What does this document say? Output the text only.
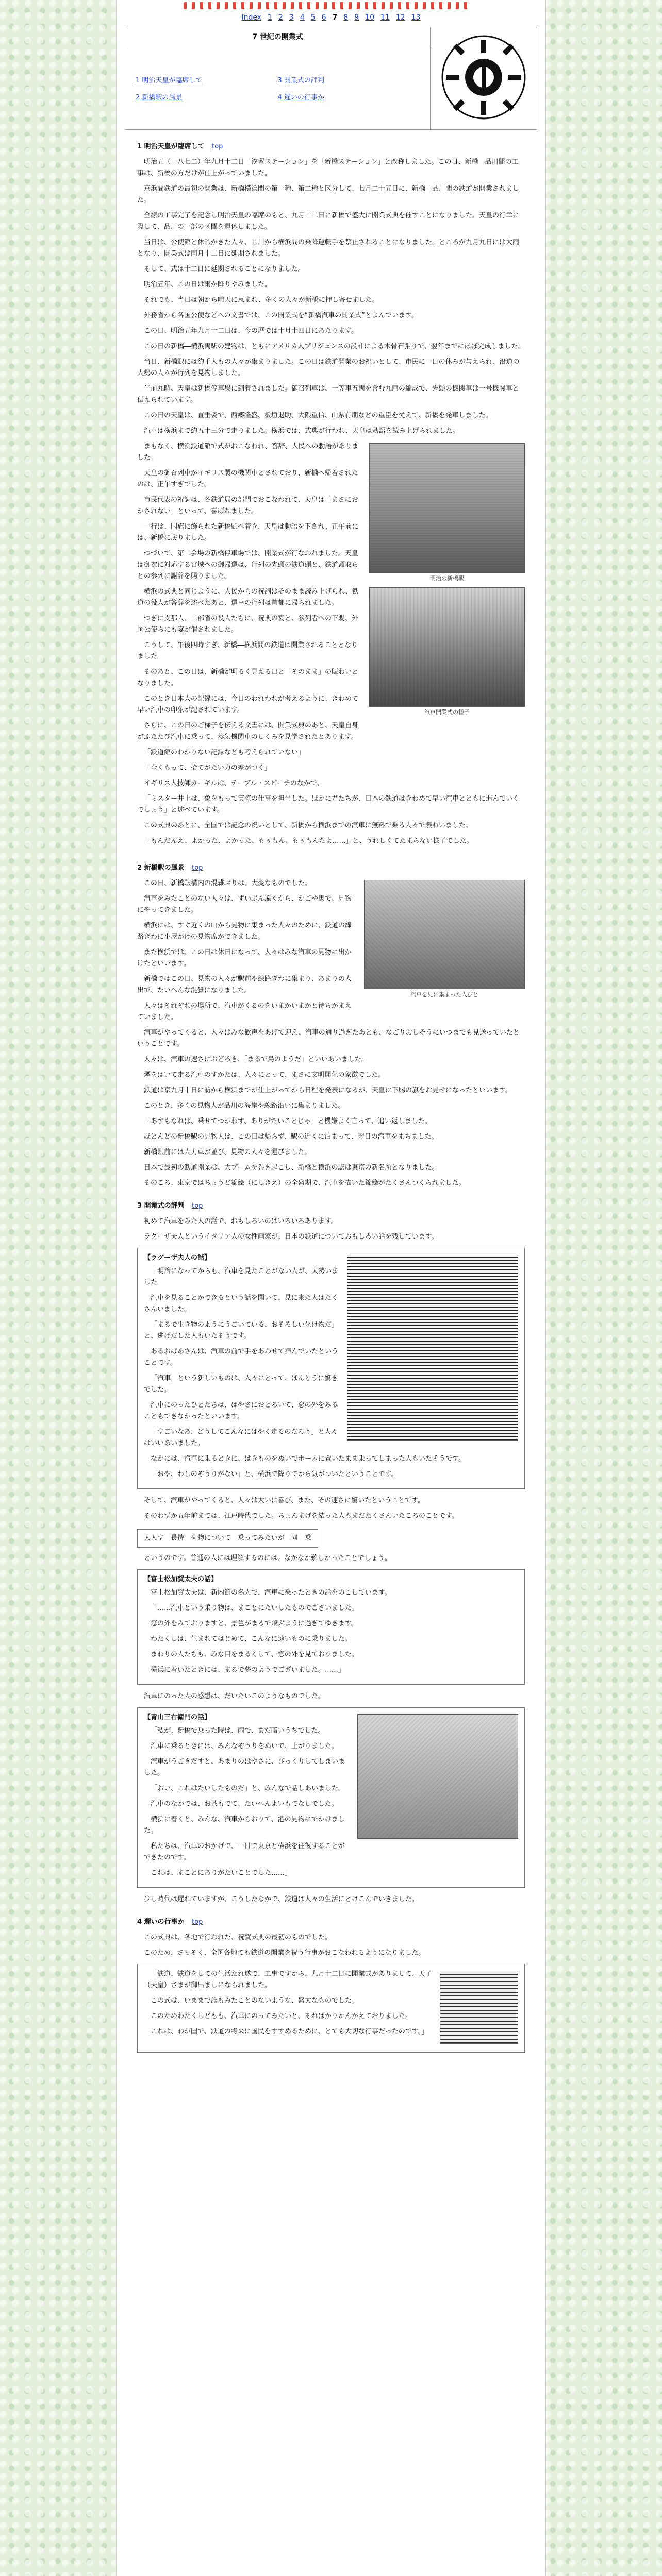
Index 1 2 3 4 5 6 7 8 9 10 11 12 13
7 世紀の開業式	

1 明治天皇が臨席して	3 開業式の評判
2 新橋駅の風景	4 遅いの行事か
1 明治天皇が臨席して top

明治五（一八七二）年九月十二日「汐留ステーション」を「新橋ステーション」と改称しました。この日、新橋―品川間の工事は、新橋の方だけが仕上がっていました。

京浜間鉄道の最初の開業は、新橋横浜間の第一種、第二種と区分して、七月二十五日に、新橋―品川間の鉄道が開業されました。

全線の工事完了を記念し明治天皇の臨席のもと、九月十二日に新橋で盛大に開業式典を催すことになりました。天皇の行幸に際して、品川の一部の区間を運休しました。

当日は、公使館と休暇がきた人々、品川から横浜間の乗降運転手を禁止されることになりました。ところが九月九日には大雨となり、開業式は同月十二日に延期されました。

そして、式は十二日に延期されることになりました。

明治五年、この日は雨が降りやみました。

それでも、当日は朝から晴天に恵まれ、多くの人々が新橋に押し寄せました。

外務省から各国公使などへの文書では、この開業式を“新橋汽車の開業式”とよんでいます。

この日、明治五年九月十二日は、今の暦では十月十四日にあたります。

この日の新橋―横浜両駅の建物は、ともにアメリカ人ブリジェンスの設計による木骨石張りで、翌年までにほぼ完成しました。

当日、新橋駅には約千人もの人々が集まりました。この日は鉄道開業のお祝いとして、市民に一日の休みが与えられ、沿道の大勢の人々が行列を見物しました。

午前九時、天皇は新橋停車場に到着されました。御召列車は、一等車五両を含む九両の編成で、先頭の機関車は一号機関車と伝えられています。

この日の天皇は、直垂姿で、西郷隆盛、板垣退助、大隈重信、山県有朋などの重臣を従えて、新橋を発車しました。

汽車は横浜まで約五十三分で走りました。横浜では、式典が行われ、天皇は勅語を読み上げられました。

明治の新橋駅
汽車開業式の様子

まもなく、横浜鉄道館で式がおこなわれ、答辞、人民への勅語がありました。

天皇の御召列車がイギリス製の機関車とされており、新橋へ帰着されたのは、正午すぎでした。

市民代表の祝詞は、各鉄道局の部門でおこなわれて、天皇は「まさにおかされない」といって、喜ばれました。

一行は、国旗に飾られた新橋駅へ着き、天皇は勅語を下され、正午前には、新橋に戻りました。

つづいて、第二会場の新橋停車場では、開業式が行なわれました。天皇は御衣に対応する宮城への御帰還は、行列の先頭の鉄道頭と、鉄道頭取らとの参列に謝辞を賜りました。

横浜の式典と同じように、人民からの祝詞はそのまま読み上げられ、鉄道の役人が答辞を述べたあと、還幸の行列は首都に帰られました。

つぎに支那人、工部省の役人たちに、祝典の宴と、参列者への下賜、外国公使らにも宴が催されました。

こうして、午後四時すぎ、新橋―横浜間の鉄道は開業されることとなりました。

そのあと、この日は、新橋が明るく見える日と「そのまま」の賑わいとなりました。

このとき日本人の記録には、今日のわれわれが考えるように、きわめて早い汽車の印象が記されています。

さらに、この日のご様子を伝える文書には、開業式典のあと、天皇自身がふたたび汽車に乗って、蒸気機関車のしくみを見学されたとあります。

「鉄道館のわかりない記録なども考えられていない」

「全くもって、拾てがたい力の差がつく」

イギリス人技師カーギルは、テーブル・スピーチのなかで、

「ミスター井上は、象をもって実際の仕事を担当した。ほかに君たちが、日本の鉄道はきわめて早い汽車とともに進んでいくでしょう」と述べています。

この式典のあとに、全国では記念の祝いとして、新橋から横浜までの汽車に無料で乗る人々で賑わいました。

「もんだんえ、よかった、よかった、もぅもん、もぅもんだよ……」と、うれしくてたまらない様子でした。

2 新橋駅の風景 top
汽車を見に集まった人びと

この日、新橋駅構内の混雑ぶりは、大変なものでした。

汽車をみたことのない人々は、ずいぶん遠くから、かごや馬で、見物にやってきました。

横浜には、すぐ近くの山から見物に集まった人々のために、鉄道の線路ぎわに小屋がけの見物席ができました。

また横浜では、この日は休日になって、人々はみな汽車の見物に出かけたといいます。

新橋ではこの日、見物の人々が駅前や線路ぎわに集まり、あまりの人出で、たいへんな混雑になりました。

人々はそれぞれの場所で、汽車がくるのをいまかいまかと待ちかまえていました。

汽車がやってくると、人々はみな歓声をあげて迎え、汽車の通り過ぎたあとも、なごりおしそうにいつまでも見送っていたということです。

人々は、汽車の速さにおどろき、「まるで鳥のようだ」といいあいました。

煙をはいて走る汽車のすがたは、人々にとって、まさに文明開化の象徴でした。

鉄道は京九月十日に訪から横浜までが仕上がってから日程を発表になるが、天皇に下賜の旗をお見せになったといいます。

このとき、多くの見物人が品川の海岸や線路沿いに集まりました。

「あすもなれば、乗せてつかわす、ありがたいことじゃ」と機嫌よく言って、追い返しました。

ほとんどの新橋駅の見物人は、この日は帰らず、駅の近くに泊まって、翌日の汽車をまちました。

新橋駅前には人力車が並び、見物の人々を運びました。

日本で最初の鉄道開業は、大ブームを巻き起こし、新橋と横浜の駅は東京の新名所となりました。

そのころ、東京ではちょうど錦絵（にしきえ）の全盛期で、汽車を描いた錦絵がたくさんつくられました。

3 開業式の評判 top

初めて汽車をみた人の話で、おもしろいのはいろいろあります。

ラグーザ夫人というイタリア人の女性画家が、日本の鉄道についておもしろい話を残しています。

【ラグーザ夫人の話】

「明治になってからも、汽車を見たことがない人が、大勢いました。

汽車を見ることができるという話を聞いて、見に来た人はたくさんいました。

「まるで生き物のようにうごいている、おそろしい化け物だ」と、逃げだした人もいたそうです。

あるおばあさんは、汽車の前で手をあわせて拝んでいたということです。

「汽車」という新しいものは、人々にとって、ほんとうに驚きでした。

汽車にのったひとたちは、はやさにおどろいて、窓の外をみることもできなかったといいます。

「すごいなあ、どうしてこんなにはやく走るのだろう」と人々はいいあいました。

なかには、汽車に乗るときに、はきものをぬいでホームに置いたまま乗ってしまった人もいたそうです。

「おや、わしのぞうりがない」と、横浜で降りてから気がついたということです。

そして、汽車がやってくると、人々は大いに喜び、また、その速さに驚いたということです。

そのわずか五年前までは、江戸時代でした。ちょんまげを結った人もまだたくさんいたころのことです。

大人す　長持　荷物について　乗ってみたいが　同　乗

というのです。普通の人には理解するのには、なかなか難しかったことでしょう。

【富士松加賀太夫の話】

富士松加賀太夫は、新内節の名人で、汽車に乗ったときの話をのこしています。

「……汽車という乗り物は、まことにたいしたものでございました。

窓の外をみておりますと、景色がまるで飛ぶように過ぎてゆきます。

わたくしは、生まれてはじめて、こんなに速いものに乗りました。

まわりの人たちも、みな目をまるくして、窓の外を見ておりました。

横浜に着いたときには、まるで夢のようでございました。……」

汽車にのった人の感想は、だいたいこのようなものでした。

【青山三右衛門の話】

「私が、新橋で乗った時は、雨で、まだ暗いうちでした。

汽車に乗るときには、みんなぞうりをぬいで、上がりました。

汽車がうごきだすと、あまりのはやさに、びっくりしてしまいました。

「おい、これはたいしたものだ」と、みんなで話しあいました。

汽車のなかでは、お茶もでて、たいへんよいもてなしでした。

横浜に着くと、みんな、汽車からおりて、港の見物にでかけました。

私たちは、汽車のおかげで、一日で東京と横浜を往復することができたのです。

これは、まことにありがたいことでした……」

少し時代は遅れていますが、こうしたなかで、鉄道は人々の生活にとけこんでいきました。

4 遅いの行事か top

この式典は、各地で行われた、祝賀式典の最初のものでした。

このため、さっそく、全国各地でも鉄道の開業を祝う行事がおこなわれるようになりました。

「鉄道、鉄道をしての生活たれ遂で、工事ですから、九月十二日に開業式がありまして、天子（天皇）さまが御出ましになられました。

この式は、いままで誰もみたことのないような、盛大なものでした。

このためわたくしどもも、汽車にのってみたいと、そればかりかんがえておりました。

これは、わが国で、鉄道の将来に国民をすすめるために、とても大切な行事だったのです。」
